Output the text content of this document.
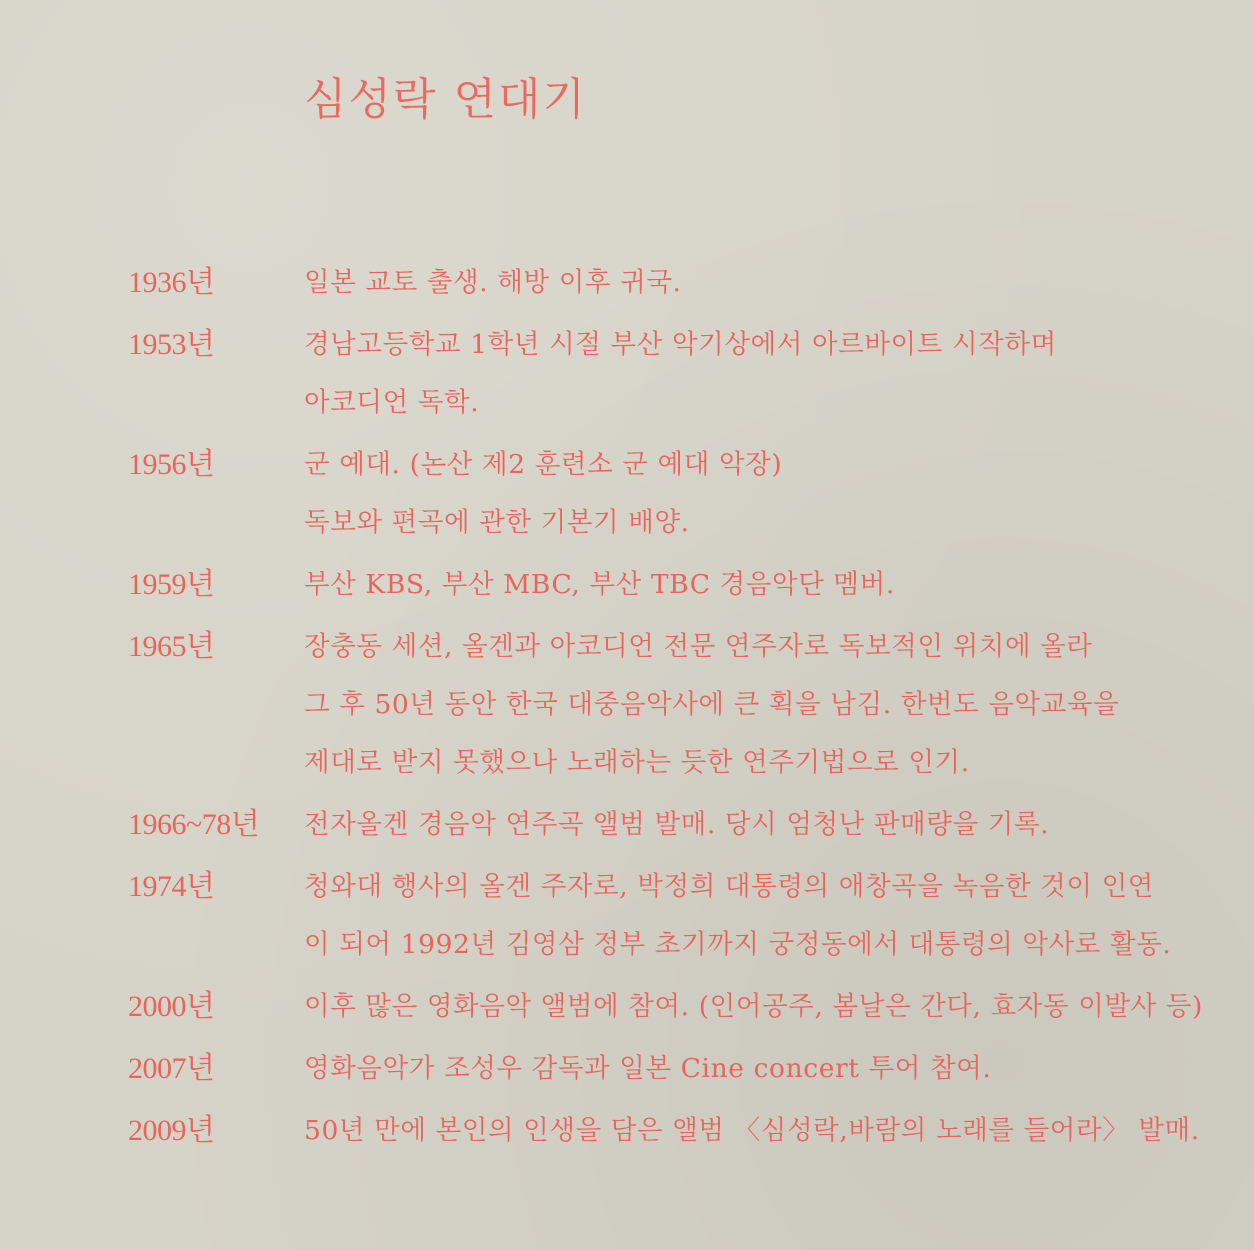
심성락 연대기
1936년	일본 교토 출생. 해방 이후 귀국.
1953년	경남고등학교 1학년 시절 부산 악기상에서 아르바이트 시작하며
아코디언 독학.
1956년	군 예대. (논산 제2 훈련소 군 예대 악장)
독보와 편곡에 관한 기본기 배양.
1959년	부산 KBS, 부산 MBC, 부산 TBC 경음악단 멤버.
1965년	장충동 세션, 올겐과 아코디언 전문 연주자로 독보적인 위치에 올라
그 후 50년 동안 한국 대중음악사에 큰 획을 남김. 한번도 음악교육을
제대로 받지 못했으나 노래하는 듯한 연주기법으로 인기.
1966~78년	전자올겐 경음악 연주곡 앨범 발매. 당시 엄청난 판매량을 기록.
1974년	청와대 행사의 올겐 주자로, 박정희 대통령의 애창곡을 녹음한 것이 인연
이 되어 1992년 김영삼 정부 초기까지 궁정동에서 대통령의 악사로 활동.
2000년	이후 많은 영화음악 앨범에 참여. (인어공주, 봄날은 간다, 효자동 이발사 등)
2007년	영화음악가 조성우 감독과 일본 Cine concert 투어 참여.
2009년	50년 만에 본인의 인생을 담은 앨범 〈심성락,바람의 노래를 들어라〉 발매.
